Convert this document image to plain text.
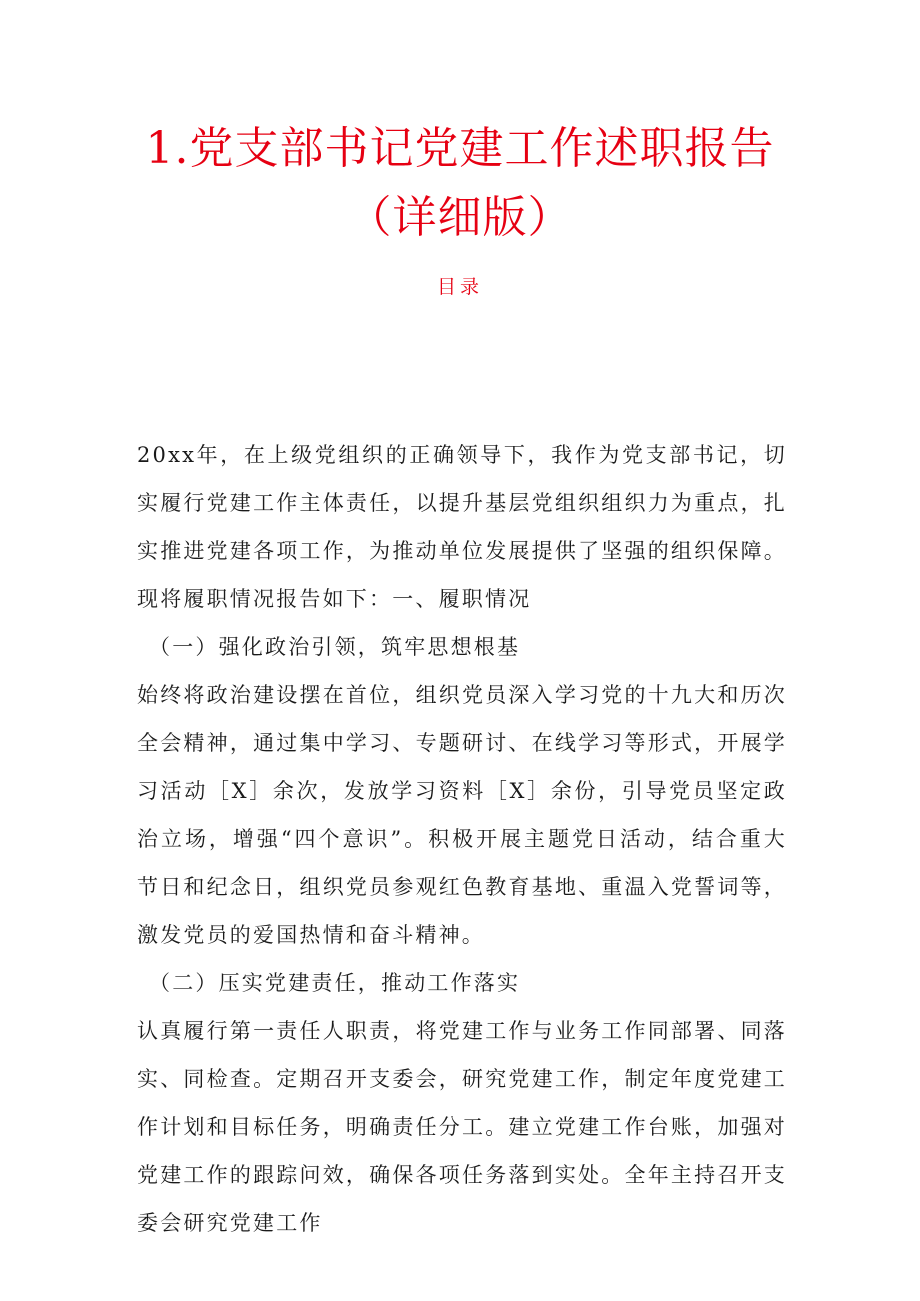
1.党支部书记党建工作述职报告
（详细版）
目录

20xx年，在上级党组织的正确领导下，我作为党支部书记，切实履行党建工作主体责任，以提升基层党组织组织力为重点，扎实推进党建各项工作，为推动单位发展提供了坚强的组织保障。现将履职情况报告如下：一、履职情况

（一）强化政治引领，筑牢思想根基

始终将政治建设摆在首位，组织党员深入学习党的十九大和历次全会精神，通过集中学习、专题研讨、在线学习等形式，开展学习活动［X］余次，发放学习资料［X］余份，引导党员坚定政治立场，增强“四个意识”。积极开展主题党日活动，结合重大节日和纪念日，组织党员参观红色教育基地、重温入党誓词等，激发党员的爱国热情和奋斗精神。

（二）压实党建责任，推动工作落实

认真履行第一责任人职责，将党建工作与业务工作同部署、同落实、同检查。定期召开支委会，研究党建工作，制定年度党建工作计划和目标任务，明确责任分工。建立党建工作台账，加强对党建工作的跟踪问效，确保各项任务落到实处。全年主持召开支委会研究党建工作
